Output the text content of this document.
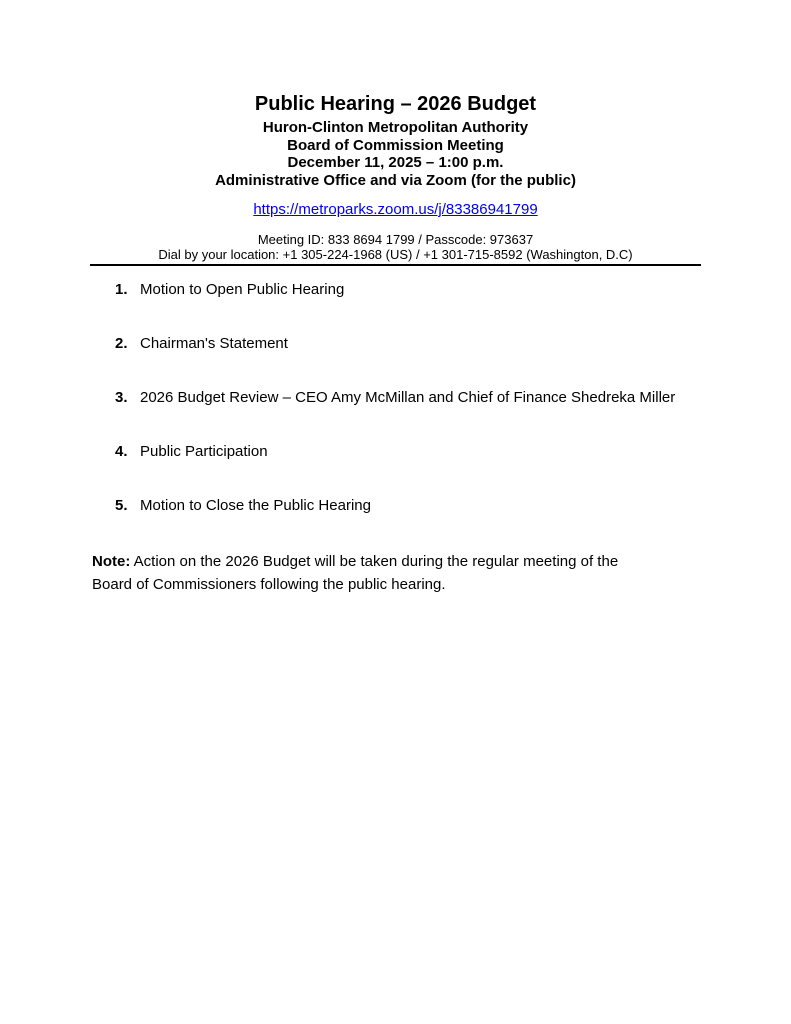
Public Hearing – 2026 Budget
Huron-Clinton Metropolitan Authority
Board of Commission Meeting
December 11, 2025 – 1:00 p.m.
Administrative Office and via Zoom (for the public)
https://metroparks.zoom.us/j/83386941799
Meeting ID: 833 8694 1799 / Passcode: 973637
Dial by your location: +1 305-224-1968 (US) / +1 301-715-8592 (Washington, D.C)
1. Motion to Open Public Hearing
2. Chairman's Statement
3. 2026 Budget Review – CEO Amy McMillan and Chief of Finance Shedreka Miller
4. Public Participation
5. Motion to Close the Public Hearing

Note: Action on the 2026 Budget will be taken during the regular meeting of the Board of Commissioners following the public hearing.
